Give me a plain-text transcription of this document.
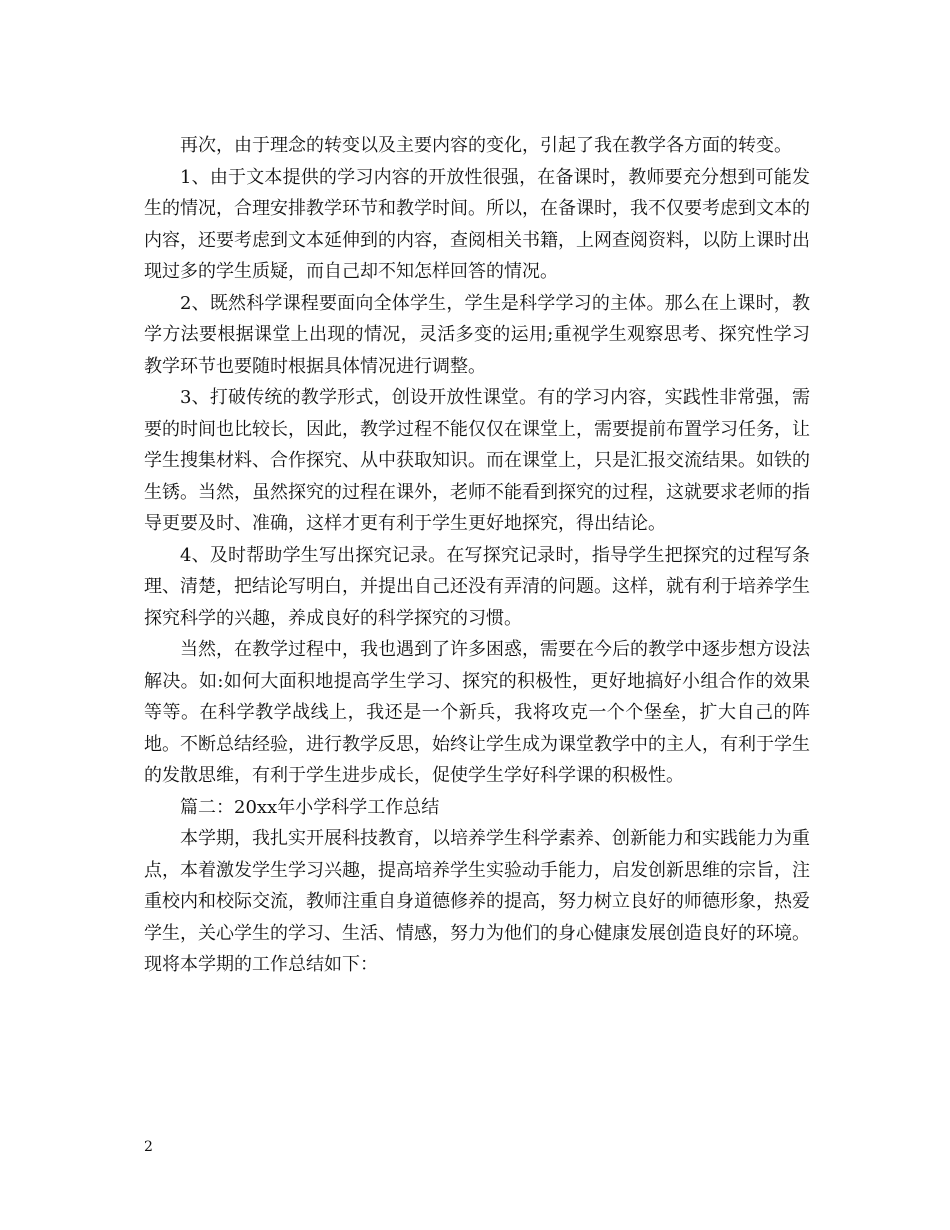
再次，由于理念的转变以及主要内容的变化，引起了我在教学各方面的转变。

1、由于文本提供的学习内容的开放性很强，在备课时，教师要充分想到可能发生的情况，合理安排教学环节和教学时间。所以，在备课时，我不仅要考虑到文本的内容，还要考虑到文本延伸到的内容，查阅相关书籍，上网查阅资料，以防上课时出现过多的学生质疑，而自己却不知怎样回答的情况。

2、既然科学课程要面向全体学生，学生是科学学习的主体。那么在上课时，教学方法要根据课堂上出现的情况，灵活多变的运用;重视学生观察思考、探究性学习教学环节也要随时根据具体情况进行调整。

3、打破传统的教学形式，创设开放性课堂。有的学习内容，实践性非常强，需要的时间也比较长，因此，教学过程不能仅仅在课堂上，需要提前布置学习任务，让学生搜集材料、合作探究、从中获取知识。而在课堂上，只是汇报交流结果。如铁的生锈。当然，虽然探究的过程在课外，老师不能看到探究的过程，这就要求老师的指导更要及时、准确，这样才更有利于学生更好地探究，得出结论。

4、及时帮助学生写出探究记录。在写探究记录时，指导学生把探究的过程写条理、清楚，把结论写明白，并提出自己还没有弄清的问题。这样，就有利于培养学生探究科学的兴趣，养成良好的科学探究的习惯。

当然，在教学过程中，我也遇到了许多困惑，需要在今后的教学中逐步想方设法解决。如:如何大面积地提高学生学习、探究的积极性，更好地搞好小组合作的效果等等。在科学教学战线上，我还是一个新兵，我将攻克一个个堡垒，扩大自己的阵地。不断总结经验，进行教学反思，始终让学生成为课堂教学中的主人，有利于学生的发散思维，有利于学生进步成长，促使学生学好科学课的积极性。

篇二：20xx年小学科学工作总结

本学期，我扎实开展科技教育，以培养学生科学素养、创新能力和实践能力为重点，本着激发学生学习兴趣，提高培养学生实验动手能力，启发创新思维的宗旨，注重校内和校际交流，教师注重自身道德修养的提高，努力树立良好的师德形象，热爱学生，关心学生的学习、生活、情感，努力为他们的身心健康发展创造良好的环境。现将本学期的工作总结如下：

2
